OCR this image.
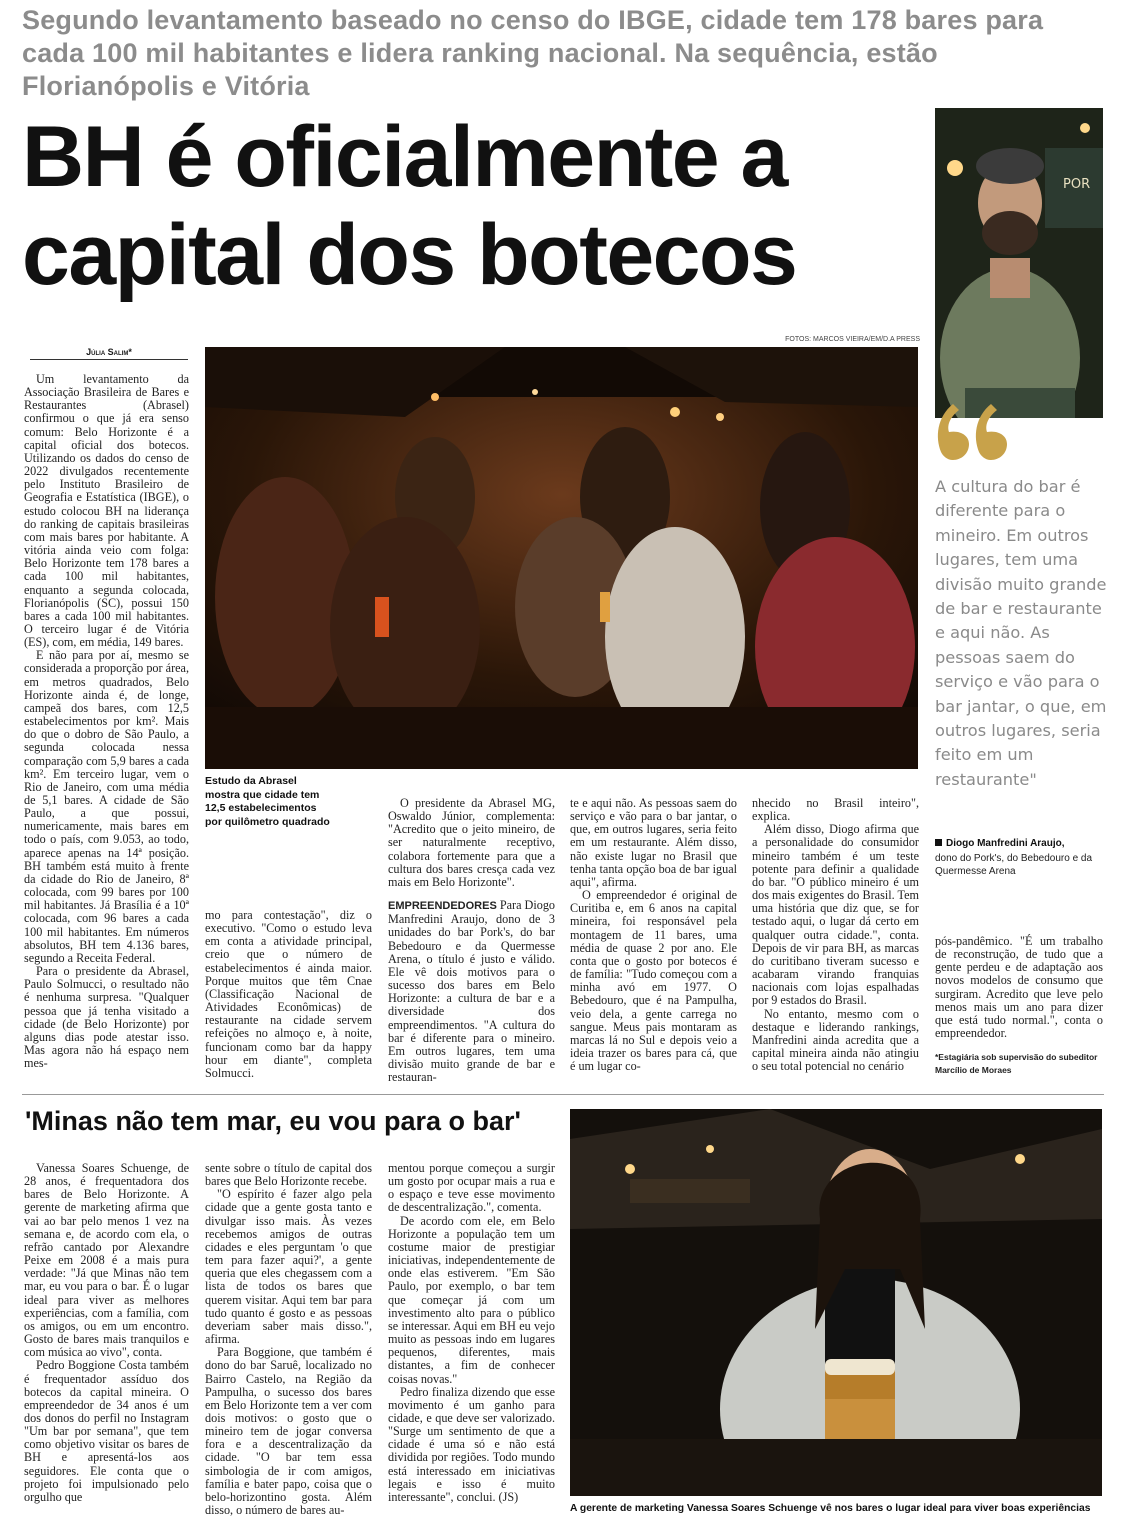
Segundo levantamento baseado no censo do IBGE, cidade tem 178 bares para cada 100 mil habitantes e lidera ranking nacional. Na sequência, estão Florianópolis e Vitória
BH é oficialmente a capital dos botecos
FOTOS: MARCOS VIEIRA/EM/D.A PRESS
Júlia Salim*
Estudo da Abrasel mostra que cidade tem 12,5 estabelecimentos por quilômetro quadrado
POR
A cultura do bar é diferente para o mineiro. Em outros lugares, tem uma divisão muito grande de bar e restaurante e aqui não. As pessoas saem do serviço e vão para o bar jantar, o que, em outros lugares, seria feito em um restaurante"
Diogo Manfredini Araujo,
dono do Pork's, do Bebedouro e da Quermesse Arena

Um levantamento da Associação Brasileira de Bares e Restaurantes (Abrasel) confirmou o que já era senso comum: Belo Horizonte é a capital oficial dos botecos. Utilizando os dados do censo de 2022 divulgados recentemente pelo Instituto Brasileiro de Geografia e Estatística (IBGE), o estudo colocou BH na liderança do ranking de capitais brasileiras com mais bares por habitante. A vitória ainda veio com folga: Belo Horizonte tem 178 bares a cada 100 mil habitantes, enquanto a segunda colocada, Florianópolis (SC), possui 150 bares a cada 100 mil habitantes. O terceiro lugar é de Vitória (ES), com, em média, 149 bares.

E não para por aí, mesmo se considerada a proporção por área, em metros quadrados, Belo Horizonte ainda é, de longe, campeã dos bares, com 12,5 estabelecimentos por km². Mais do que o dobro de São Paulo, a segunda colocada nessa comparação com 5,9 bares a cada km². Em terceiro lugar, vem o Rio de Janeiro, com uma média de 5,1 bares. A cidade de São Paulo, a que possui, numericamente, mais bares em todo o país, com 9.053, ao todo, aparece apenas na 14ª posição. BH também está muito à frente da cidade do Rio de Janeiro, 8ª colocada, com 99 bares por 100 mil habitantes. Já Brasília é a 10ª colocada, com 96 bares a cada 100 mil habitantes. Em números absolutos, BH tem 4.136 bares, segundo a Receita Federal.

Para o presidente da Abrasel, Paulo Solmucci, o resultado não é nenhuma surpresa. "Qualquer pessoa que já tenha visitado a cidade (de Belo Horizonte) por alguns dias pode atestar isso. Mas agora não há espaço nem mes-

mo para contestação", diz o executivo. "Como o estudo leva em conta a atividade principal, creio que o número de estabelecimentos é ainda maior. Porque muitos que têm Cnae (Classificação Nacional de Atividades Econômicas) de restaurante na cidade servem refeições no almoço e, à noite, funcionam como bar da happy hour em diante", completa Solmucci.

O presidente da Abrasel MG, Oswaldo Júnior, complementa: "Acredito que o jeito mineiro, de ser naturalmente receptivo, colabora fortemente para que a cultura dos bares cresça cada vez mais em Belo Horizonte".

EMPREENDEDORES Para Diogo Manfredini Araujo, dono de 3 unidades do bar Pork's, do bar Bebedouro e da Quermesse Arena, o título é justo e válido. Ele vê dois motivos para o sucesso dos bares em Belo Horizonte: a cultura de bar e a diversidade dos empreendimentos. "A cultura do bar é diferente para o mineiro. Em outros lugares, tem uma divisão muito grande de bar e restauran-

te e aqui não. As pessoas saem do serviço e vão para o bar jantar, o que, em outros lugares, seria feito em um restaurante. Além disso, não existe lugar no Brasil que tenha tanta opção boa de bar igual aqui", afirma.

O empreendedor é original de Curitiba e, em 6 anos na capital mineira, foi responsável pela montagem de 11 bares, uma média de quase 2 por ano. Ele conta que o gosto por botecos é de família: "Tudo começou com a minha avó em 1977. O Bebedouro, que é na Pampulha, veio dela, a gente carrega no sangue. Meus pais montaram as marcas lá no Sul e depois veio a ideia trazer os bares para cá, que é um lugar co-

nhecido no Brasil inteiro", explica.

Além disso, Diogo afirma que a personalidade do consumidor mineiro também é um teste potente para definir a qualidade do bar. "O público mineiro é um dos mais exigentes do Brasil. Tem uma história que diz que, se for testado aqui, o lugar dá certo em qualquer outra cidade.", conta. Depois de vir para BH, as marcas do curitibano tiveram sucesso e acabaram virando franquias nacionais com lojas espalhadas por 9 estados do Brasil.

No entanto, mesmo com o destaque e liderando rankings, Manfredini ainda acredita que a capital mineira ainda não atingiu o seu total potencial no cenário

pós-pandêmico. "É um trabalho de reconstrução, de tudo que a gente perdeu e de adaptação aos novos modelos de consumo que surgiram. Acredito que leve pelo menos mais um ano para dizer que está tudo normal.", conta o empreendedor.

*Estagiária sob supervisão do subeditor Marcílio de Moraes
'Minas não tem mar, eu vou para o bar'

Vanessa Soares Schuenge, de 28 anos, é frequentadora dos bares de Belo Horizonte. A gerente de marketing afirma que vai ao bar pelo menos 1 vez na semana e, de acordo com ela, o refrão cantado por Alexandre Peixe em 2008 é a mais pura verdade: "Já que Minas não tem mar, eu vou para o bar. É o lugar ideal para viver as melhores experiências, com a família, com os amigos, ou em um encontro. Gosto de bares mais tranquilos e com música ao vivo", conta.

Pedro Boggione Costa também é frequentador assíduo dos botecos da capital mineira. O empreendedor de 34 anos é um dos donos do perfil no Instagram "Um bar por semana", que tem como objetivo visitar os bares de BH e apresentá-los aos seguidores. Ele conta que o projeto foi impulsionado pelo orgulho que

sente sobre o título de capital dos bares que Belo Horizonte recebe.

"O espírito é fazer algo pela cidade que a gente gosta tanto e divulgar isso mais. Às vezes recebemos amigos de outras cidades e eles perguntam 'o que tem para fazer aqui?', a gente queria que eles chegassem com a lista de todos os bares que querem visitar. Aqui tem bar para tudo quanto é gosto e as pessoas deveriam saber mais disso.", afirma.

Para Boggione, que também é dono do bar Saruê, localizado no Bairro Castelo, na Região da Pampulha, o sucesso dos bares em Belo Horizonte tem a ver com dois motivos: o gosto que o mineiro tem de jogar conversa fora e a descentralização da cidade. "O bar tem essa simbologia de ir com amigos, família e bater papo, coisa que o belo-horizontino gosta. Além disso, o número de bares au-

mentou porque começou a surgir um gosto por ocupar mais a rua e o espaço e teve esse movimento de descentralização.", comenta.

De acordo com ele, em Belo Horizonte a população tem um costume maior de prestigiar iniciativas, independentemente de onde elas estiverem. "Em São Paulo, por exemplo, o bar tem que começar já com um investimento alto para o público se interessar. Aqui em BH eu vejo muito as pessoas indo em lugares pequenos, diferentes, mais distantes, a fim de conhecer coisas novas."

Pedro finaliza dizendo que esse movimento é um ganho para cidade, e que deve ser valorizado. "Surge um sentimento de que a cidade é uma só e não está dividida por regiões. Todo mundo está interessado em iniciativas legais e isso é muito interessante", conclui. (JS)

A gerente de marketing Vanessa Soares Schuenge vê nos bares o lugar ideal para viver boas experiências
